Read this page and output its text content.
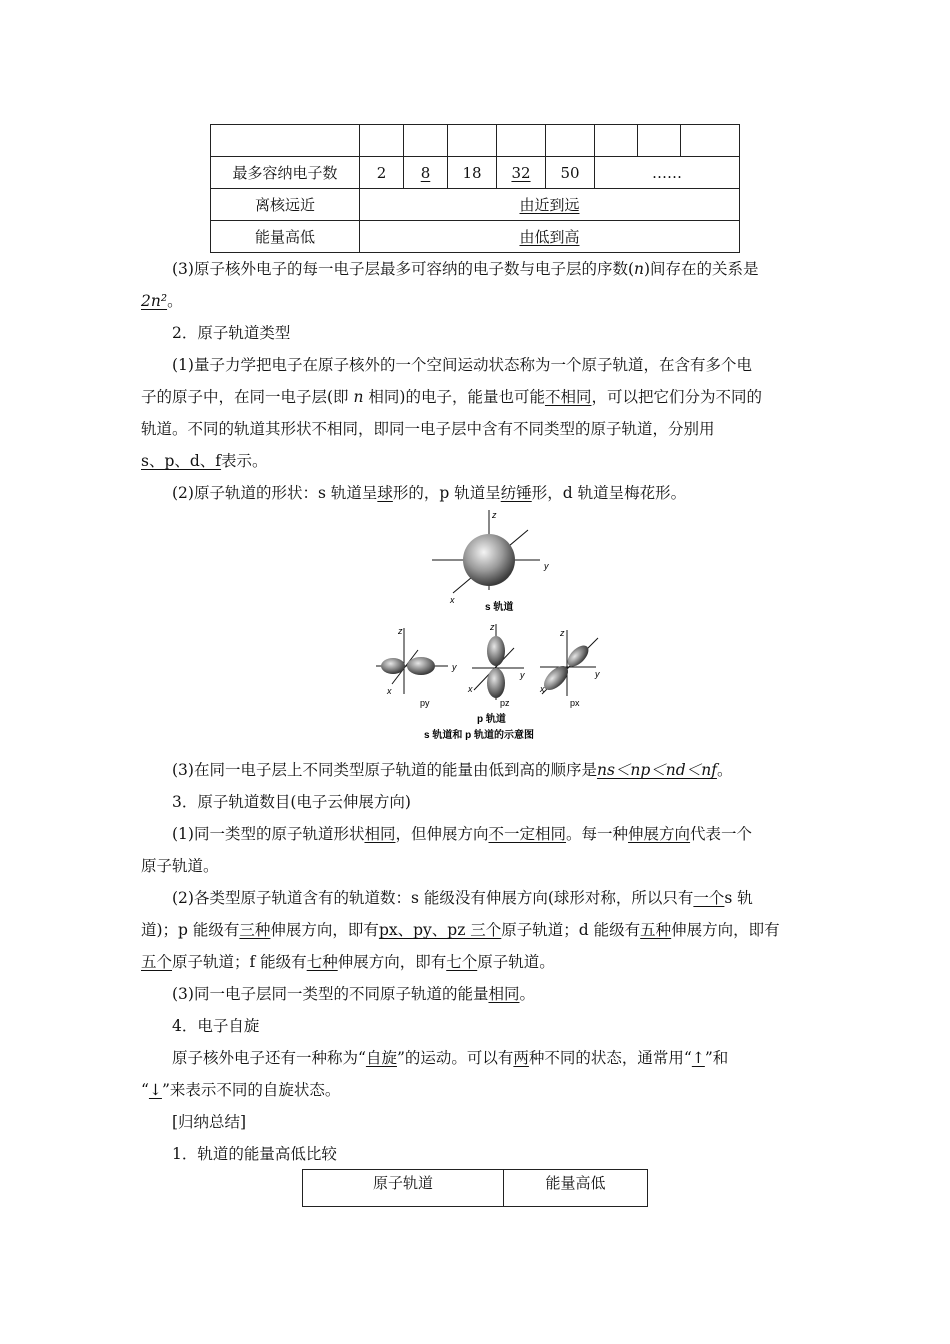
最多容纳电子数	2	8	18	32	50	……		
离核远近	由近到远							
能量高低	由低到高							
(3)原子核外电子的每一电子层最多可容纳的电子数与电子层的序数(n)间存在的关系是
2n²。
2．原子轨道类型
(1)量子力学把电子在原子核外的一个空间运动状态称为一个原子轨道，在含有多个电
子的原子中，在同一电子层(即 n 相同)的电子，能量也可能不相同，可以把它们分为不同的
轨道。不同的轨道其形状不相同，即同一电子层中含有不同类型的原子轨道，分别用
s、p、d、f表示。
(2)原子轨道的形状：s 轨道呈球形的，p 轨道呈纺锤形，d 轨道呈梅花形。
z
y
x
s 轨道
z
y
x
py
z
y
x
pz
z
y
x
px
p 轨道
s 轨道和 p 轨道的示意图
(3)在同一电子层上不同类型原子轨道的能量由低到高的顺序是ns＜np＜nd＜nf。
3．原子轨道数目(电子云伸展方向)
(1)同一类型的原子轨道形状相同，但伸展方向不一定相同。每一种伸展方向代表一个
原子轨道。
(2)各类型原子轨道含有的轨道数：s 能级没有伸展方向(球形对称，所以只有一个s 轨
道)；p 能级有三种伸展方向，即有px、py、pz 三个原子轨道；d 能级有五种伸展方向，即有
五个原子轨道；f 能级有七种伸展方向，即有七个原子轨道。
(3)同一电子层同一类型的不同原子轨道的能量相同。
4．电子自旋
原子核外电子还有一种称为“自旋”的运动。可以有两种不同的状态，通常用“↑”和
“↓”来表示不同的自旋状态。
[归纳总结]
1．轨道的能量高低比较
原子轨道	能量高低
